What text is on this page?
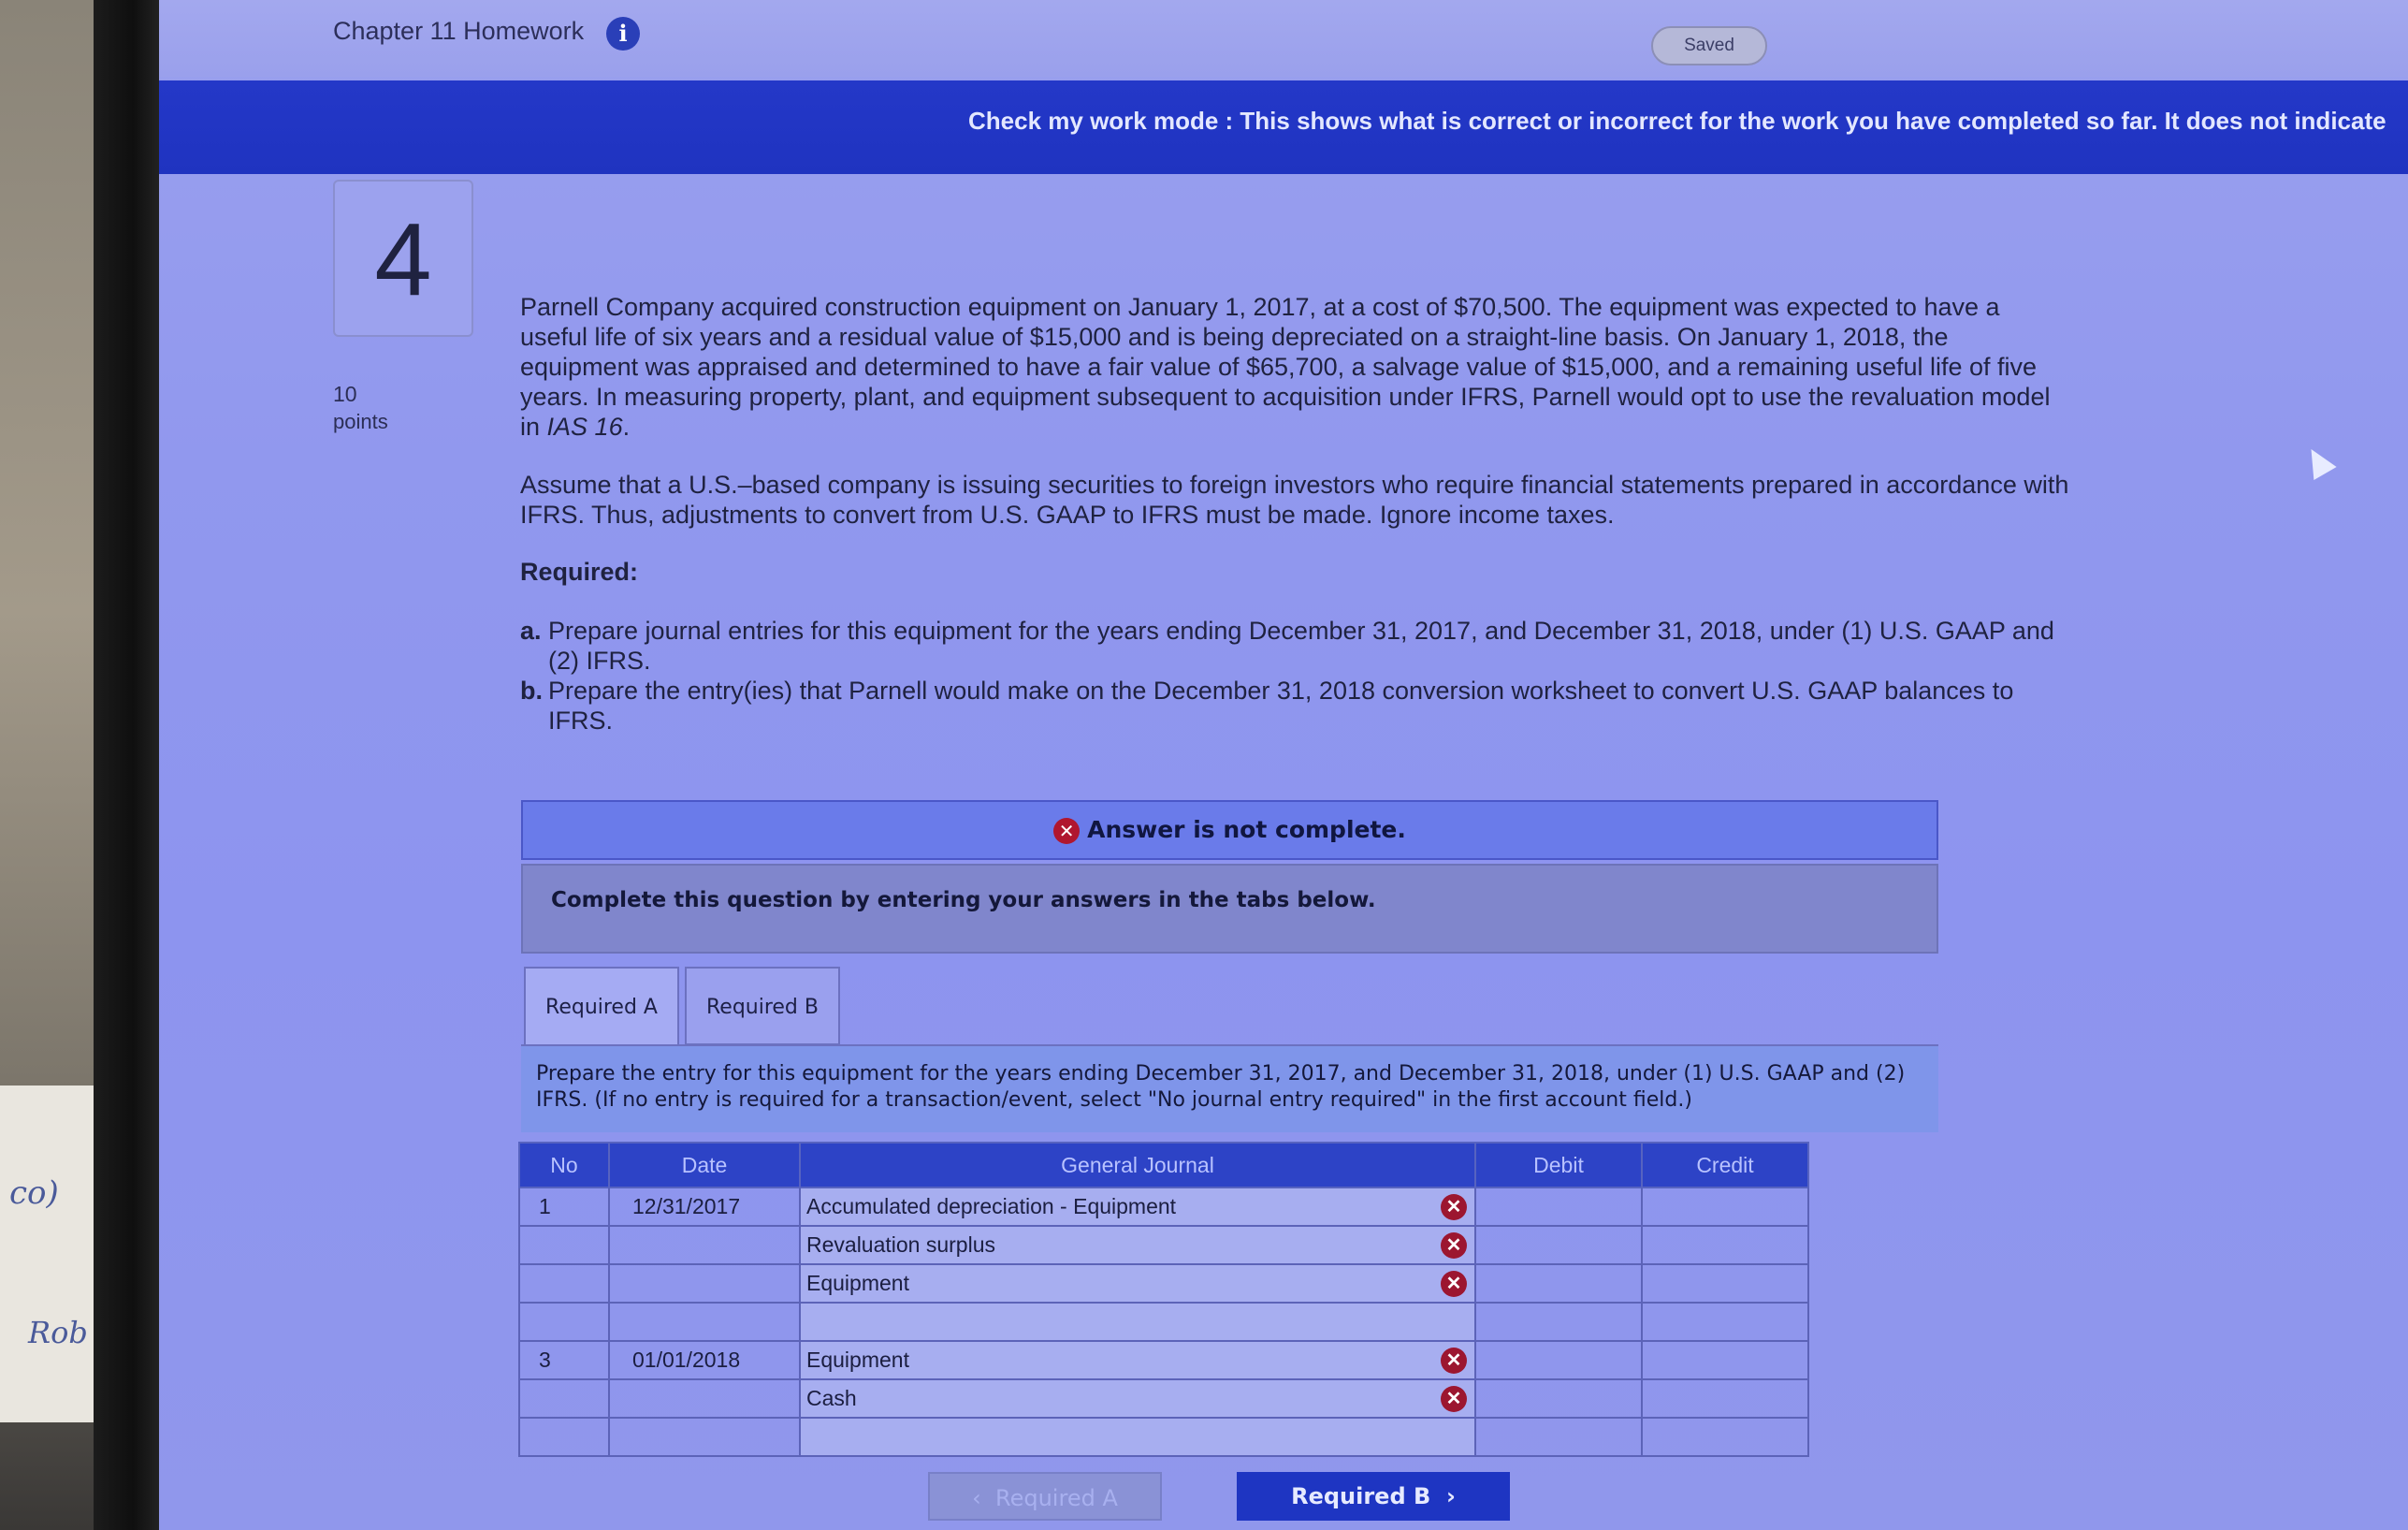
co)
Rob
Chapter 11 Homework	i	Saved
Check my work mode : This shows what is correct or incorrect for the work you have completed so far. It does not indicate
4
10
points
Parnell Company acquired construction equipment on January 1, 2017, at a cost of $70,500. The equipment was expected to have a useful life of six years and a residual value of $15,000 and is being depreciated on a straight-line basis. On January 1, 2018, the equipment was appraised and determined to have a fair value of $65,700, a salvage value of $15,000, and a remaining useful life of five years. In measuring property, plant, and equipment subsequent to acquisition under IFRS, Parnell would opt to use the revaluation model in IAS 16.
Assume that a U.S.–based company is issuing securities to foreign investors who require financial statements prepared in accordance with IFRS. Thus, adjustments to convert from U.S. GAAP to IFRS must be made. Ignore income taxes.
Required:
a. Prepare journal entries for this equipment for the years ending December 31, 2017, and December 31, 2018, under (1) U.S. GAAP and (2) IFRS.
b. Prepare the entry(ies) that Parnell would make on the December 31, 2018 conversion worksheet to convert U.S. GAAP balances to IFRS.
✕ Answer is not complete.
Complete this question by entering your answers in the tabs below.
Required A	Required B
Prepare the entry for this equipment for the years ending December 31, 2017, and December 31, 2018, under (1) U.S. GAAP and (2) IFRS. (If no entry is required for a transaction/event, select "No journal entry required" in the first account field.)
No	Date	General Journal	Debit	Credit
1	12/31/2017	Accumulated depreciation - Equipment ✕		

		Revaluation surplus ✕		

		Equipment ✕		

3	01/01/2018	Equipment ✕		

		Cash ✕		

‹ Required A	Required B ›
